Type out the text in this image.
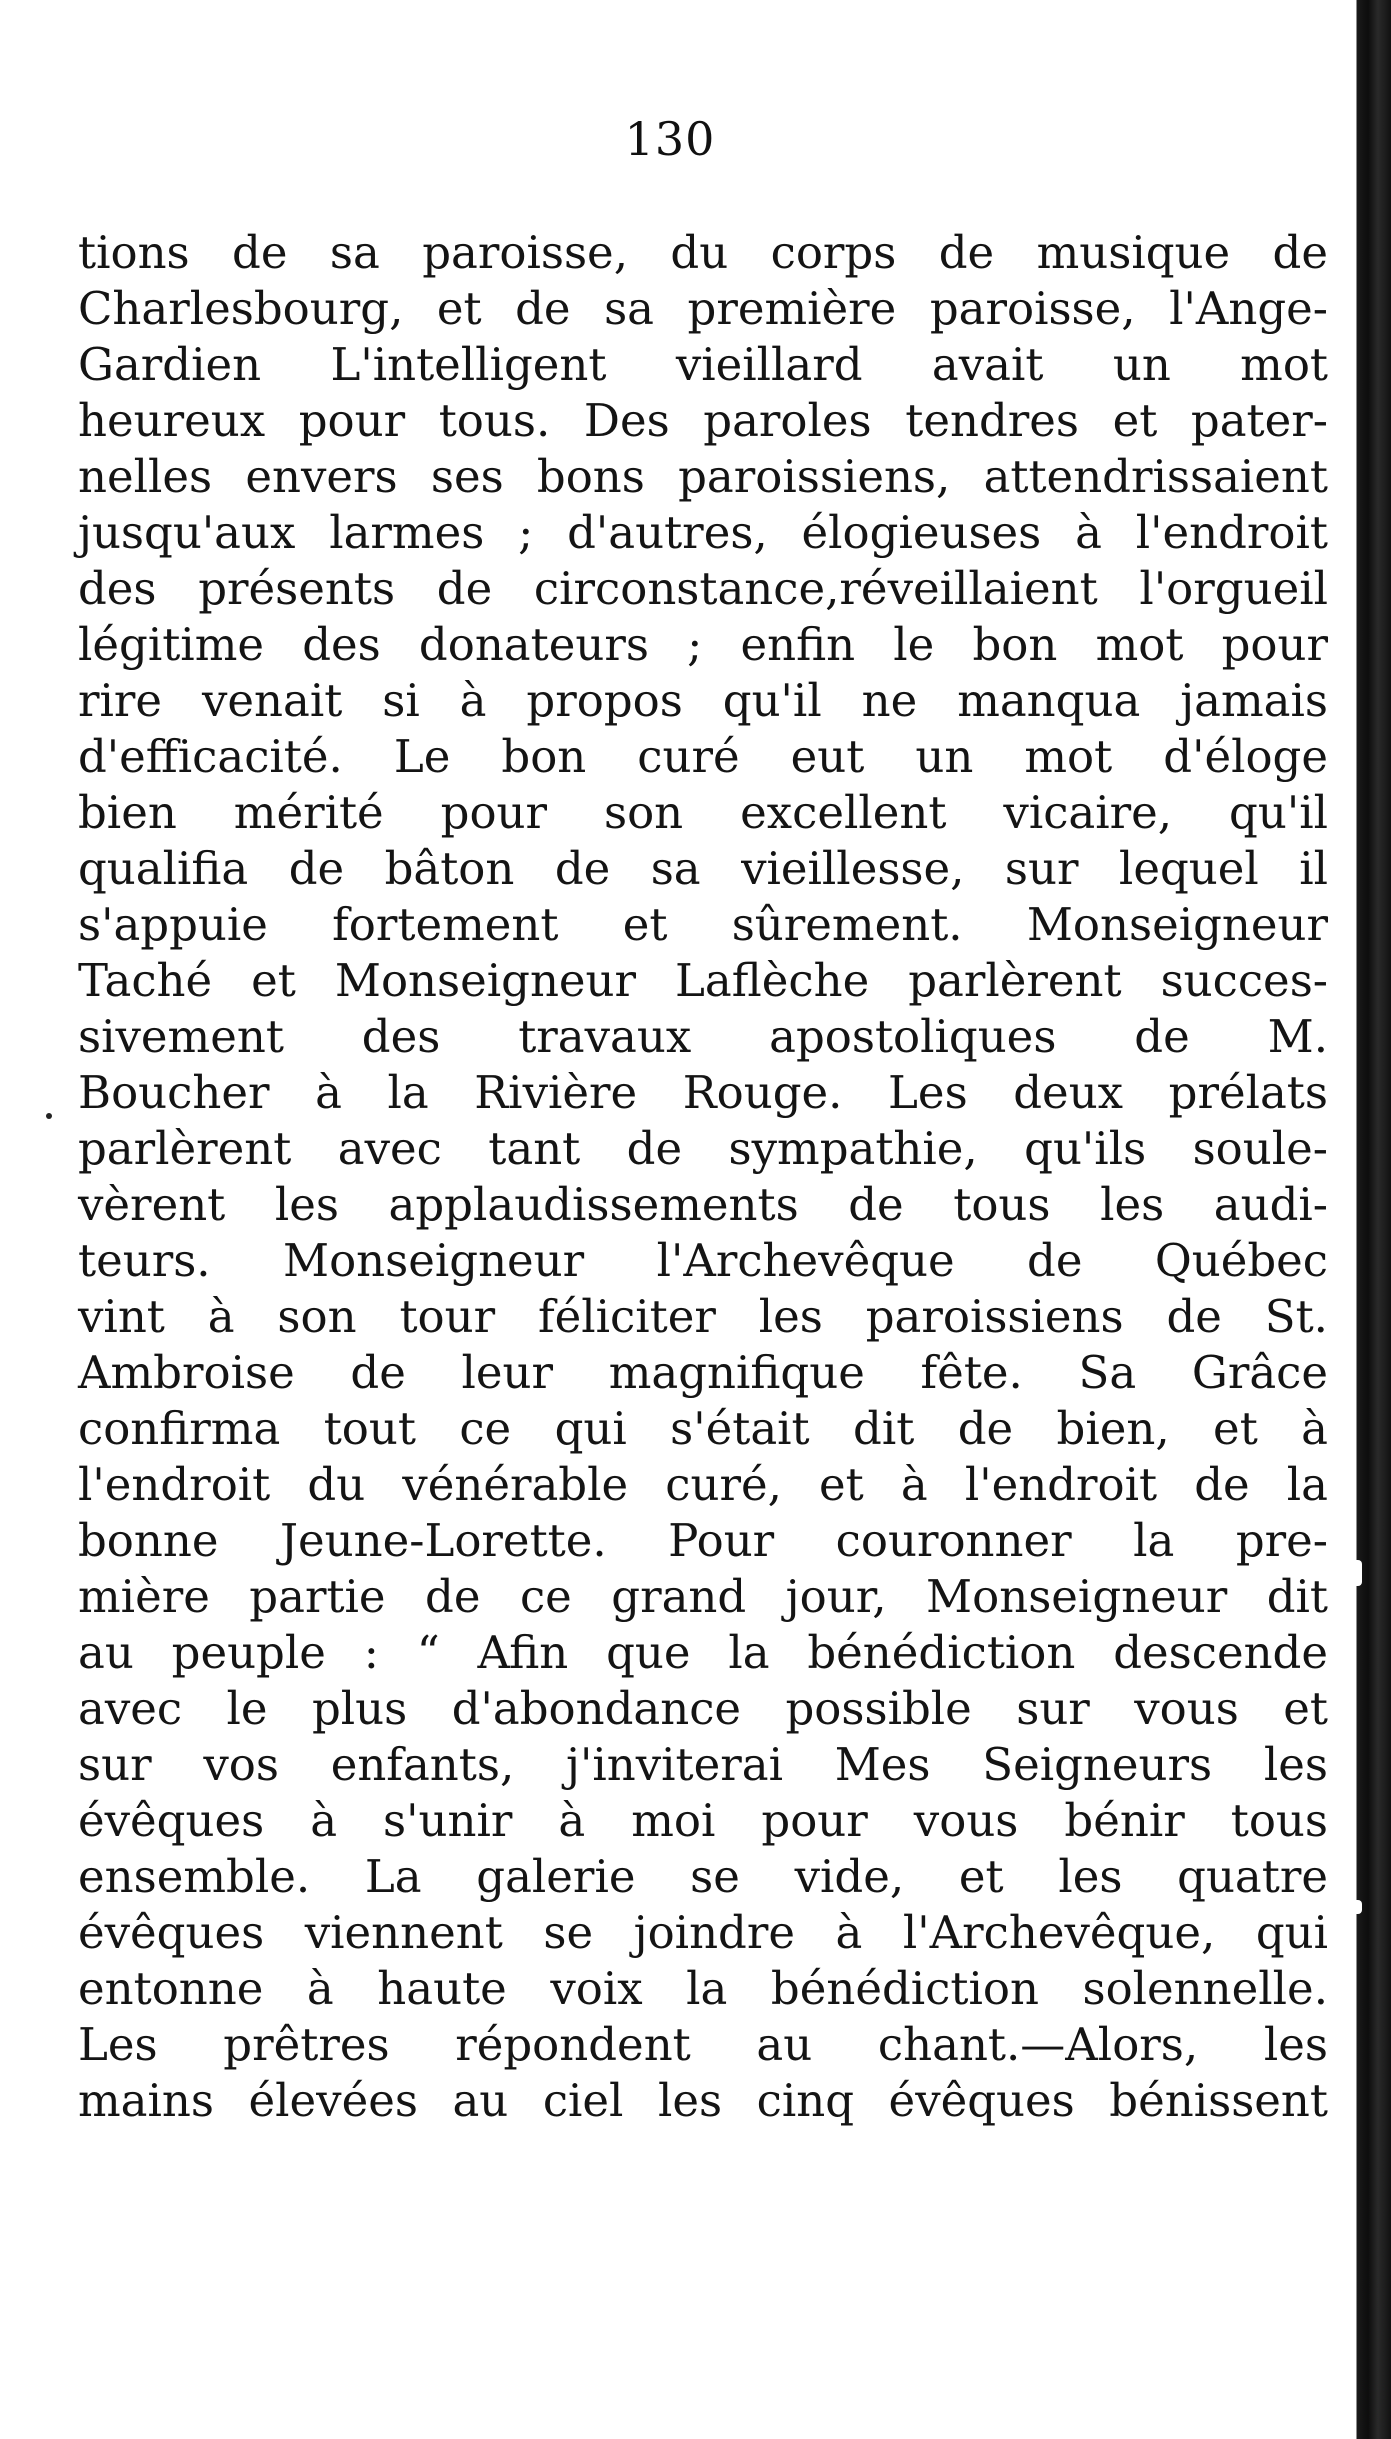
130
tions de sa paroisse, du corps de musique de
Charlesbourg, et de sa première paroisse, l'Ange-
Gardien L'intelligent vieillard avait un mot
heureux pour tous. Des paroles tendres et pater-
nelles envers ses bons paroissiens, attendrissaient
jusqu'aux larmes ; d'autres, élogieuses à l'endroit
des présents de circonstance,réveillaient l'orgueil
légitime des donateurs ; enfin le bon mot pour
rire venait si à propos qu'il ne manqua jamais
d'efficacité. Le bon curé eut un mot d'éloge
bien mérité pour son excellent vicaire, qu'il
qualifia de bâton de sa vieillesse, sur lequel il
s'appuie fortement et sûrement. Monseigneur
Taché et Monseigneur Laflèche parlèrent succes-
sivement des travaux apostoliques de M.
Boucher à la Rivière Rouge. Les deux prélats
parlèrent avec tant de sympathie, qu'ils soule-
vèrent les applaudissements de tous les audi-
teurs. Monseigneur l'Archevêque de Québec
vint à son tour féliciter les paroissiens de St.
Ambroise de leur magnifique fête. Sa Grâce
confirma tout ce qui s'était dit de bien, et à
l'endroit du vénérable curé, et à l'endroit de la
bonne Jeune-Lorette. Pour couronner la pre-
mière partie de ce grand jour, Monseigneur dit
au peuple : “ Afin que la bénédiction descende
avec le plus d'abondance possible sur vous et
sur vos enfants, j'inviterai Mes Seigneurs les
évêques à s'unir à moi pour vous bénir tous
ensemble. La galerie se vide, et les quatre
évêques viennent se joindre à l'Archevêque, qui
entonne à haute voix la bénédiction solennelle.
Les prêtres répondent au chant.—Alors, les
mains élevées au ciel les cinq évêques bénissent
